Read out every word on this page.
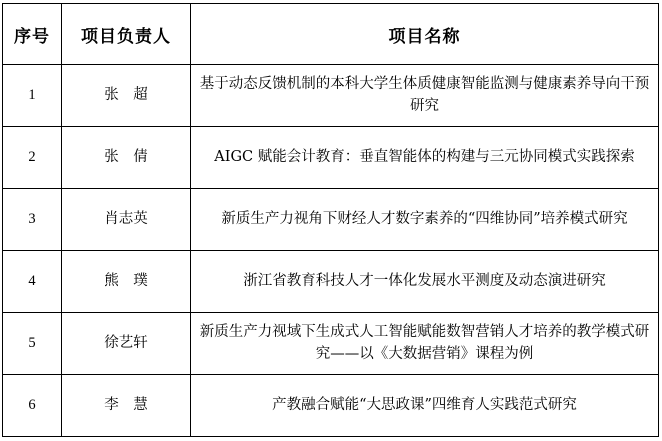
序号	项目负责人	项目名称
1	张　超	基于动态反馈机制的本科大学生体质健康智能监测与健康素养导向干预研究
2	张　倩	AIGC 赋能会计教育：垂直智能体的构建与三元协同模式实践探索
3	肖志英	新质生产力视角下财经人才数字素养的“四维协同”培养模式研究
4	熊　璞	浙江省教育科技人才一体化发展水平测度及动态演进研究
5	徐艺轩	新质生产力视域下生成式人工智能赋能数智营销人才培养的教学模式研究——以《大数据营销》课程为例
6	李　慧	产教融合赋能“大思政课”四维育人实践范式研究
